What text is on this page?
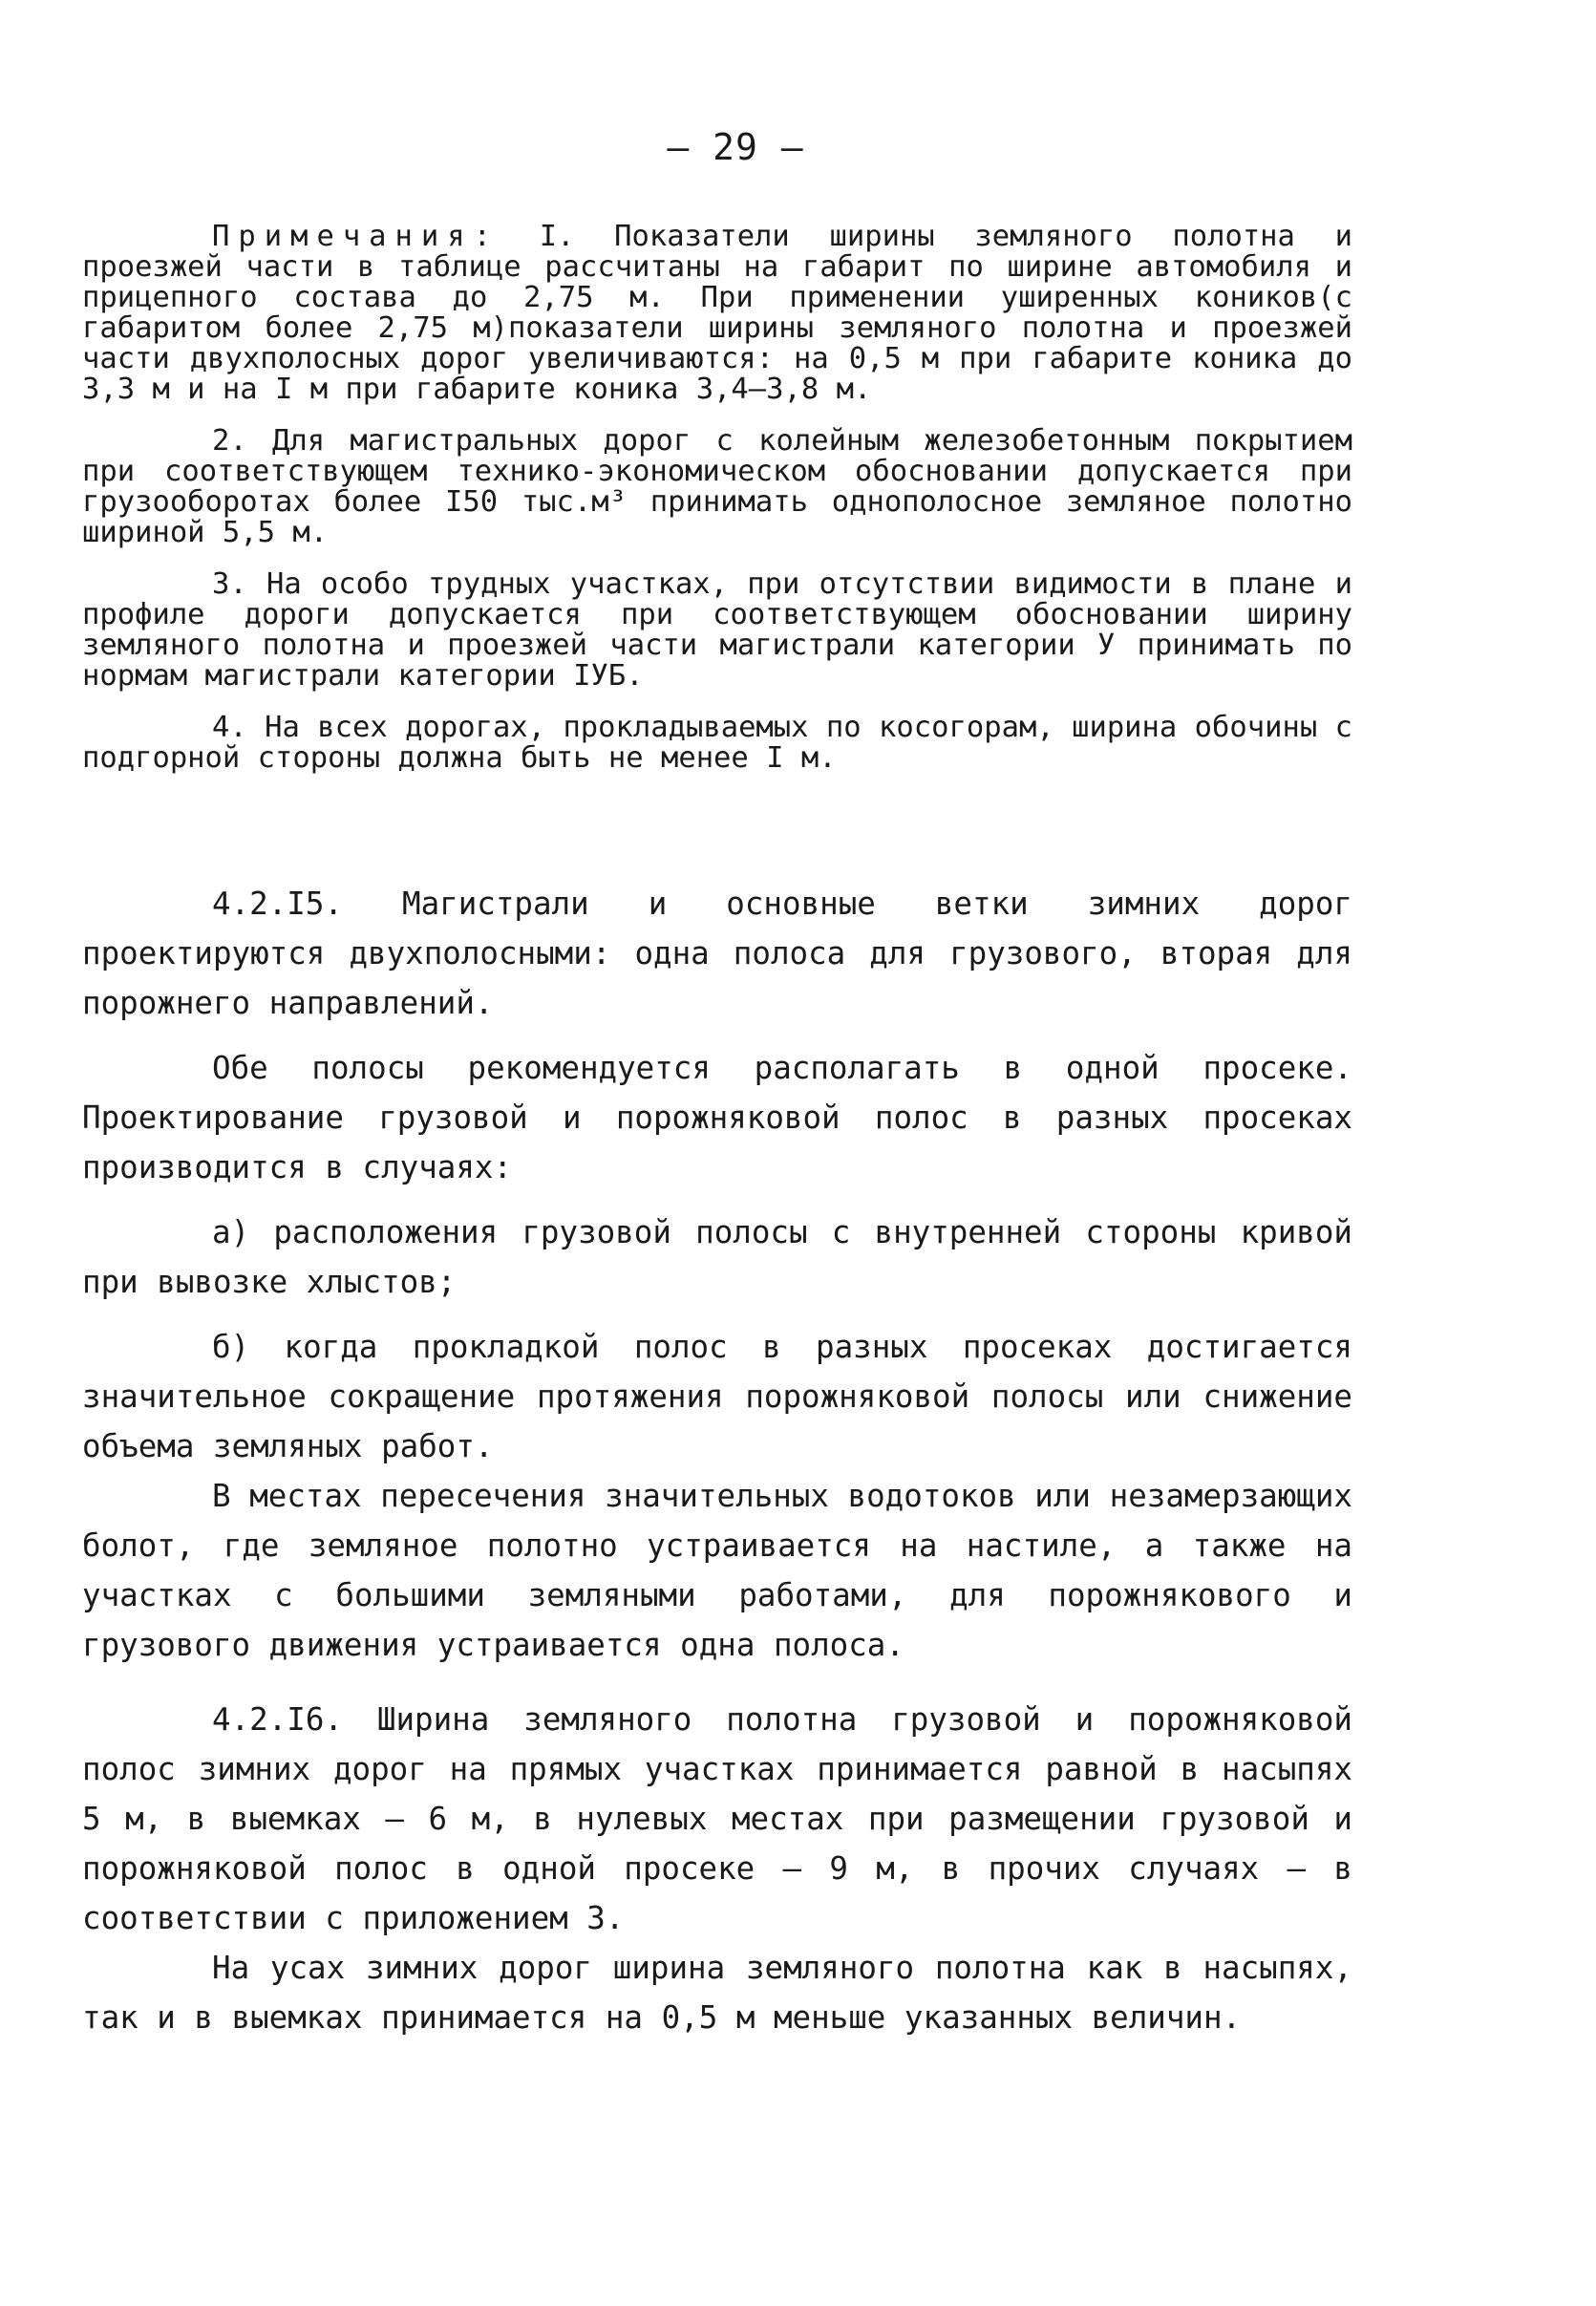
— 29 —

Примечания: I. Показатели ширины земляного полотна и проезжей части в таблице рассчитаны на габарит по ширине автомобиля и прицепного состава до 2,75 м. При применении уширенных коников(с габаритом более 2,75 м)показатели ширины земляного полотна и проезжей части двухполосных дорог увеличиваются: на 0,5 м при габарите коника до 3,3 м и на I м при габарите коника 3,4–3,8 м.

2. Для магистральных дорог с колейным железобетонным покрытием при соответствующем технико-экономическом обосновании допускается при грузооборотах более I50 тыс.м³ принимать однополосное земляное полотно шириной 5,5 м.

3. На особо трудных участках, при отсутствии видимости в плане и профиле дороги допускается при соответствующем обосновании ширину земляного полотна и проезжей части магистрали категории У принимать по нормам магистрали категории IУБ.

4. На всех дорогах, прокладываемых по косогорам, ширина обочины с подгорной стороны должна быть не менее I м.

4.2.I5. Магистрали и основные ветки зимних дорог проектируются двухполосными: одна полоса для грузового, вторая для порожнего направлений.

Обе полосы рекомендуется располагать в одной просеке. Проектирование грузовой и порожняковой полос в разных просеках производится в случаях:

а) расположения грузовой полосы с внутренней стороны кривой при вывозке хлыстов;

б) когда прокладкой полос в разных просеках достигается значительное сокращение протяжения порожняковой полосы или снижение объема земляных работ.

В местах пересечения значительных водотоков или незамерзающих болот, где земляное полотно устраивается на настиле, а также на участках с большими земляными работами, для порожнякового и грузового движения устраивается одна полоса.

4.2.I6. Ширина земляного полотна грузовой и порожняковой полос зимних дорог на прямых участках принимается равной в насыпях 5 м, в выемках – 6 м, в нулевых местах при размещении грузовой и порожняковой полос в одной просеке – 9 м, в прочих случаях – в соответствии с приложением 3.

На усах зимних дорог ширина земляного полотна как в насыпях, так и в выемках принимается на 0,5 м меньше указанных величин.
